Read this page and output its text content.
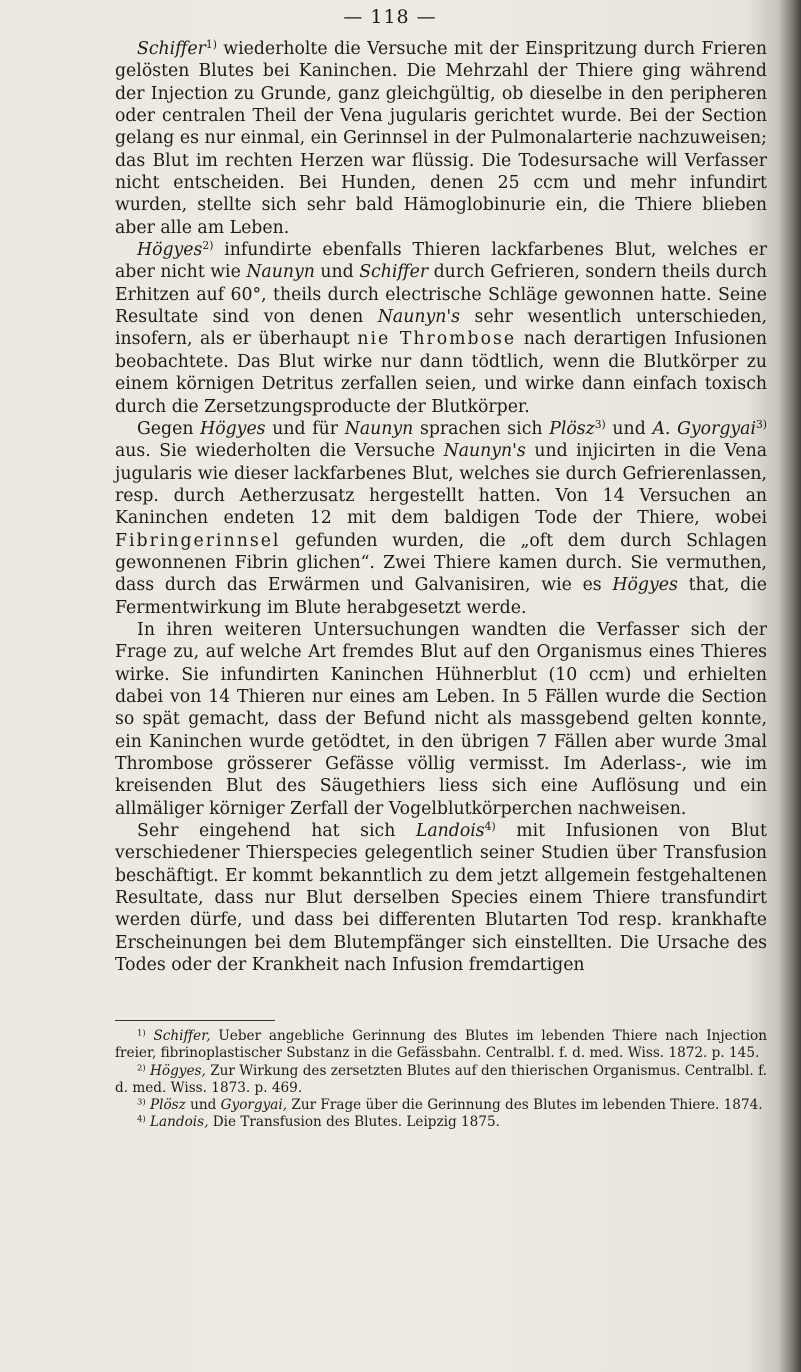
— 118 —

Schiffer$^{1)}$ wiederholte die Versuche mit der Einspritzung durch Frieren gelösten Blutes bei Kaninchen. Die Mehrzahl der Thiere ging während der Injection zu Grunde, ganz gleichgültig, ob dieselbe in den peripheren oder centralen Theil der Vena jugularis gerichtet wurde. Bei der Section gelang es nur einmal, ein Gerinnsel in der Pulmonalarterie nachzuweisen; das Blut im rechten Herzen war flüssig. Die Todesursache will Verfasser nicht entscheiden. Bei Hunden, denen 25 ccm und mehr infundirt wurden, stellte sich sehr bald Hämoglobinurie ein, die Thiere blieben aber alle am Leben.

Högyes$^{2)}$ infundirte ebenfalls Thieren lackfarbenes Blut, welches er aber nicht wie Naunyn und Schiffer durch Gefrieren, sondern theils durch Erhitzen auf 60°, theils durch electrische Schläge gewonnen hatte. Seine Resultate sind von denen Naunyn's sehr wesentlich unterschieden, insofern, als er überhaupt nie Thrombose nach derartigen Infusionen beobachtete. Das Blut wirke nur dann tödtlich, wenn die Blutkörper zu einem körnigen Detritus zerfallen seien, und wirke dann einfach toxisch durch die Zersetzungsproducte der Blutkörper.

Gegen Högyes und für Naunyn sprachen sich Plösz$^{3)}$ und A. Gyorgyai$^{3)}$ aus. Sie wiederholten die Versuche Naunyn's und injicirten in die Vena jugularis wie dieser lackfarbenes Blut, welches sie durch Gefrierenlassen, resp. durch Aetherzusatz hergestellt hatten. Von 14 Versuchen an Kaninchen endeten 12 mit dem baldigen Tode der Thiere, wobei Fibringerinnsel gefunden wurden, die „oft dem durch Schlagen gewonnenen Fibrin glichen“. Zwei Thiere kamen durch. Sie vermuthen, dass durch das Erwärmen und Galvanisiren, wie es Högyes that, die Fermentwirkung im Blute herabgesetzt werde.

In ihren weiteren Untersuchungen wandten die Verfasser sich der Frage zu, auf welche Art fremdes Blut auf den Organismus eines Thieres wirke. Sie infundirten Kaninchen Hühnerblut (10 ccm) und erhielten dabei von 14 Thieren nur eines am Leben. In 5 Fällen wurde die Section so spät gemacht, dass der Befund nicht als massgebend gelten konnte, ein Kaninchen wurde getödtet, in den übrigen 7 Fällen aber wurde 3mal Thrombose grösserer Gefässe völlig vermisst. Im Aderlass-, wie im kreisenden Blut des Säugethiers liess sich eine Auflösung und ein allmäliger körniger Zerfall der Vogelblutkörperchen nachweisen.

Sehr eingehend hat sich Landois$^{4)}$ mit Infusionen von Blut verschiedener Thierspecies gelegentlich seiner Studien über Transfusion beschäftigt. Er kommt bekanntlich zu dem jetzt allgemein festgehaltenen Resultate, dass nur Blut derselben Species einem Thiere transfundirt werden dürfe, und dass bei differenten Blutarten Tod resp. krankhafte Erscheinungen bei dem Blutempfänger sich einstellten. Die Ursache des Todes oder der Krankheit nach Infusion fremdartigen

$^{1)}$ Schiffer, Ueber angebliche Gerinnung des Blutes im lebenden Thiere nach Injection freier, fibrinoplastischer Substanz in die Gefässbahn. Centralbl. f. d. med. Wiss. 1872. p. 145.

$^{2)}$ Högyes, Zur Wirkung des zersetzten Blutes auf den thierischen Organismus. Centralbl. f. d. med. Wiss. 1873. p. 469.

$^{3)}$ Plösz und Gyorgyai, Zur Frage über die Gerinnung des Blutes im lebenden Thiere. 1874.

$^{4)}$ Landois, Die Transfusion des Blutes. Leipzig 1875.
